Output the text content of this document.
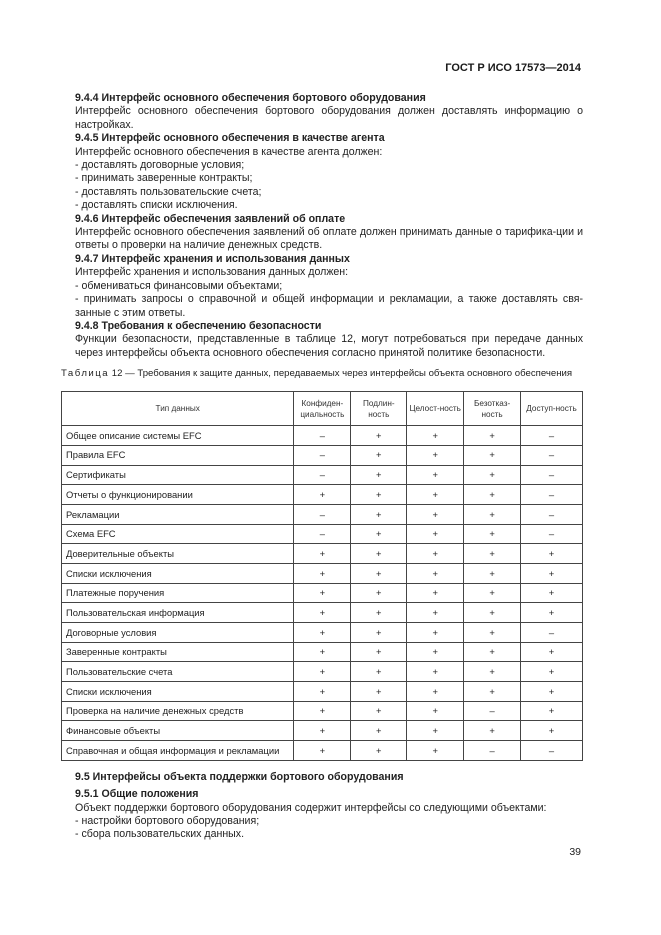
ГОСТ Р ИСО 17573—2014
9.4.4 Интерфейс основного обеспечения бортового оборудования
Интерфейс основного обеспечения бортового оборудования должен доставлять информацию о настройках.
9.4.5 Интерфейс основного обеспечения в качестве агента
Интерфейс основного обеспечения в качестве агента должен:
- доставлять договорные условия;
- принимать заверенные контракты;
- доставлять пользовательские счета;
- доставлять списки исключения.
9.4.6 Интерфейс обеспечения заявлений об оплате
Интерфейс основного обеспечения заявлений об оплате должен принимать данные о тарифика-ции и ответы о проверки на наличие денежных средств.
9.4.7 Интерфейс хранения и использования данных
Интерфейс хранения и использования данных должен:
- обмениваться финансовыми объектами;
- принимать запросы о справочной и общей информации и рекламации, а также доставлять свя-занные с этим ответы.
9.4.8 Требования к обеспечению безопасности
Функции безопасности, представленные в таблице 12, могут потребоваться при передаче данных через интерфейсы объекта основного обеспечения согласно принятой политике безопасности.
Таблица 12 — Требования к защите данных, передаваемых через интерфейсы объекта основного обеспечения
Тип данных	Конфиден-циальность	Подлин-ность	Целост-ность	Безотказ-ность	Доступ-ность
Общее описание системы EFC	–	+	+	+	–
Правила EFC	–	+	+	+	–
Сертификаты	–	+	+	+	–
Отчеты о функционировании	+	+	+	+	–
Рекламации	–	+	+	+	–
Схема EFC	–	+	+	+	–
Доверительные объекты	+	+	+	+	+
Списки исключения	+	+	+	+	+
Платежные поручения	+	+	+	+	+
Пользовательская информация	+	+	+	+	+
Договорные условия	+	+	+	+	–
Заверенные контракты	+	+	+	+	+
Пользовательские счета	+	+	+	+	+
Списки исключения	+	+	+	+	+
Проверка на наличие денежных средств	+	+	+	–	+
Финансовые объекты	+	+	+	+	+
Справочная и общая информация и рекламации	+	+	+	–	–
9.5 Интерфейсы объекта поддержки бортового оборудования
9.5.1 Общие положения
Объект поддержки бортового оборудования содержит интерфейсы со следующими объектами:
- настройки бортового оборудования;
- сбора пользовательских данных.
39
